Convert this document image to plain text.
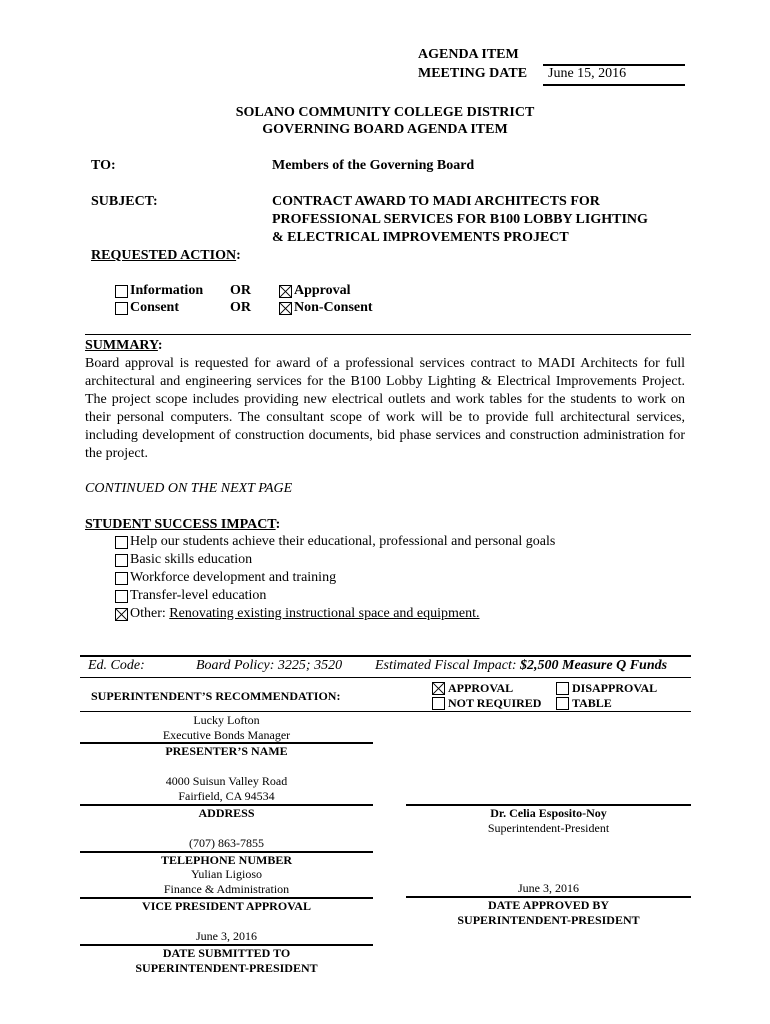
AGENDA ITEM
MEETING DATE June 15, 2016
SOLANO COMMUNITY COLLEGE DISTRICT
GOVERNING BOARD AGENDA ITEM
TO:	Members of the Governing Board
SUBJECT:	CONTRACT AWARD TO MADI ARCHITECTS FOR
PROFESSIONAL SERVICES FOR B100 LOBBY LIGHTING
& ELECTRICAL IMPROVEMENTS PROJECT
REQUESTED ACTION:
Information OR	Approval
Consent	OR	Non-Consent
SUMMARY:
Board approval is requested for award of a professional services contract to MADI Architects for full architectural and engineering services for the B100 Lobby Lighting & Electrical Improvements Project. The project scope includes providing new electrical outlets and work tables for the students to work on their personal computers. The consultant scope of work will be to provide full architectural services, including development of construction documents, bid phase services and construction administration for the project.
CONTINUED ON THE NEXT PAGE
STUDENT SUCCESS IMPACT:
Help our students achieve their educational, professional and personal goals
Basic skills education
Workforce development and training
Transfer-level education
Other: Renovating existing instructional space and equipment.
Ed. Code:	Board Policy: 3225; 3520 Estimated Fiscal Impact: $2,500 Measure Q Funds
SUPERINTENDENT’S RECOMMENDATION:
APPROVAL	DISAPPROVAL
NOT REQUIRED	TABLE
Lucky Lofton
Executive Bonds Manager
PRESENTER’S NAME
4000 Suisun Valley Road
Fairfield, CA 94534
ADDRESS
(707) 863-7855
TELEPHONE NUMBER
Yulian Ligioso
Finance & Administration
VICE PRESIDENT APPROVAL
June 3, 2016
DATE SUBMITTED TO
SUPERINTENDENT-PRESIDENT
Dr. Celia Esposito-Noy
Superintendent-President
June 3, 2016
DATE APPROVED BY
SUPERINTENDENT-PRESIDENT
